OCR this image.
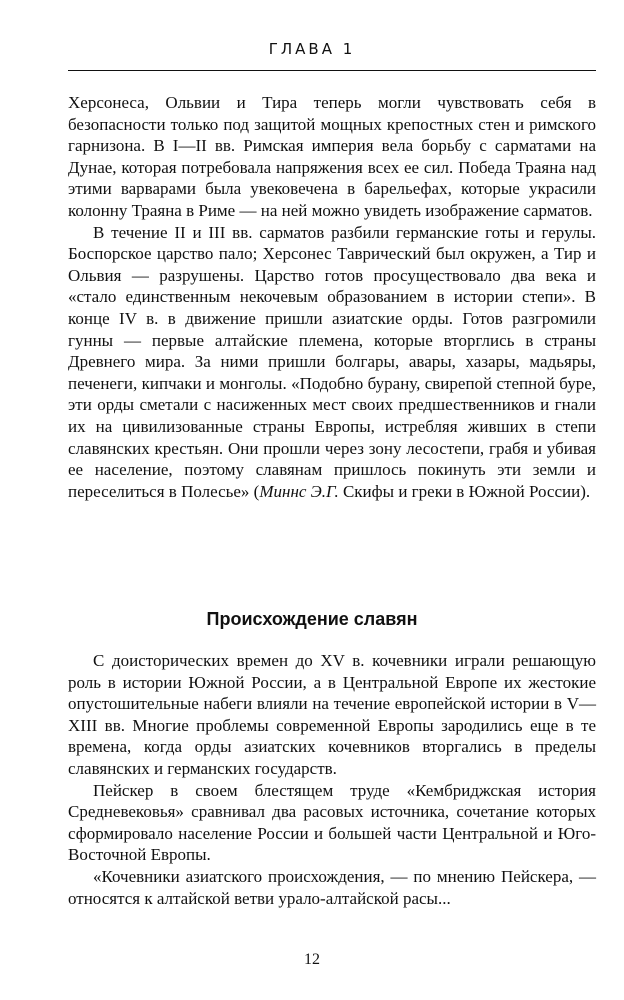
ГЛАВА 1

Херсонеса, Ольвии и Тира теперь могли чувствовать себя в безопасности только под защитой мощных крепостных стен и римского гарнизона. В I—II вв. Римская империя вела борьбу с сарматами на Дунае, которая потребовала напряжения всех ее сил. Победа Траяна над этими варварами была увековечена в барельефах, которые украсили колонну Траяна в Риме — на ней можно увидеть изображение сарматов.

В течение II и III вв. сарматов разбили германские готы и герулы. Боспорское царство пало; Херсонес Таврический был окружен, а Тир и Ольвия — разрушены. Царство готов просуществовало два века и «стало единственным некочевым образованием в истории степи». В конце IV в. в движение пришли азиатские орды. Готов разгромили гунны — первые алтайские племена, которые вторглись в страны Древнего мира. За ними пришли болгары, авары, хазары, мадьяры, печенеги, кипчаки и монголы. «Подобно бурану, свирепой степной буре, эти орды сметали с насиженных мест своих предшественников и гнали их на цивилизованные страны Европы, истребляя живших в степи славянских крестьян. Они прошли через зону лесостепи, грабя и убивая ее население, поэтому славянам пришлось покинуть эти земли и переселиться в Полесье» (Миннс Э.Г. Скифы и греки в Южной России).

Происхождение славян

С доисторических времен до XV в. кочевники играли решающую роль в истории Южной России, а в Центральной Европе их жестокие опустошительные набеги влияли на течение европейской истории в V—XIII вв. Многие проблемы современной Европы зародились еще в те времена, когда орды азиатских кочевников вторгались в пределы славянских и германских государств.

Пейскер в своем блестящем труде «Кембриджская история Средневековья» сравнивал два расовых источника, сочетание которых сформировало население России и большей части Центральной и Юго-Восточной Европы.

«Кочевники азиатского происхождения, — по мнению Пейскера, — относятся к алтайской ветви урало-алтайской расы...

12
